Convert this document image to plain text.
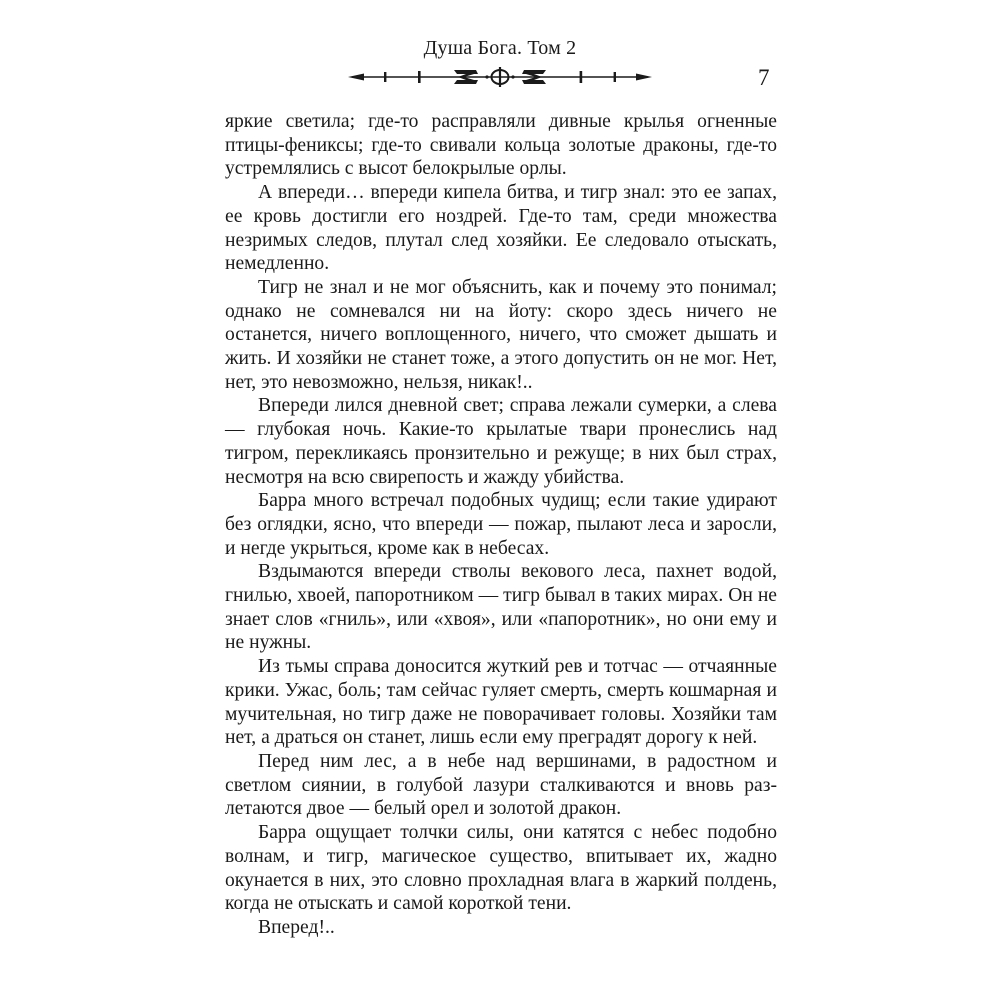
Душа Бога. Том 2
7

яркие светила; где-то расправляли дивные крылья огненные птицы-фениксы; где-то свивали кольца золотые драконы, где-то устремлялись с высот белокрылые орлы.

А впереди… впереди кипела битва, и тигр знал: это ее запах, ее кровь достигли его ноздрей. Где-то там, среди множества незримых следов, плутал след хозяйки. Ее следовало отыскать, немедленно.

Тигр не знал и не мог объяснить, как и почему это понимал; однако не сомневался ни на йоту: скоро здесь ничего не останется, ничего воплощенного, ничего, что сможет дышать и жить. И хозяйки не станет тоже, а этого допустить он не мог. Нет, нет, это невозможно, нельзя, никак!..

Впереди лился дневной свет; справа лежали сумерки, а слева — глубокая ночь. Какие-то крылатые твари пронеслись над тигром, перекликаясь пронзительно и режуще; в них был страх, несмотря на всю свирепость и жажду убийства.

Барра много встречал подобных чудищ; если такие удирают без оглядки, ясно, что впереди — пожар, пылают леса и заросли, и негде укрыться, кроме как в небесах.

Вздымаются впереди стволы векового леса, пахнет водой, гнилью, хвоей, папоротником — тигр бывал в таких мирах. Он не знает слов «гниль», или «хвоя», или «папоротник», но они ему и не нужны.

Из тьмы справа доносится жуткий рев и тотчас — отчаянные крики. Ужас, боль; там сейчас гуляет смерть, смерть кошмарная и мучительная, но тигр даже не поворачивает головы. Хозяйки там нет, а драться он станет, лишь если ему преградят дорогу к ней.

Перед ним лес, а в небе над вершинами, в радостном и светлом сиянии, в голубой лазури сталкиваются и вновь разлетаются двое — белый орел и золотой дракон.

Барра ощущает толчки силы, они катятся с небес подобно волнам, и тигр, магическое существо, впитывает их, жадно окунается в них, это словно прохладная влага в жаркий полдень, когда не отыскать и самой короткой тени.

Вперед!..
